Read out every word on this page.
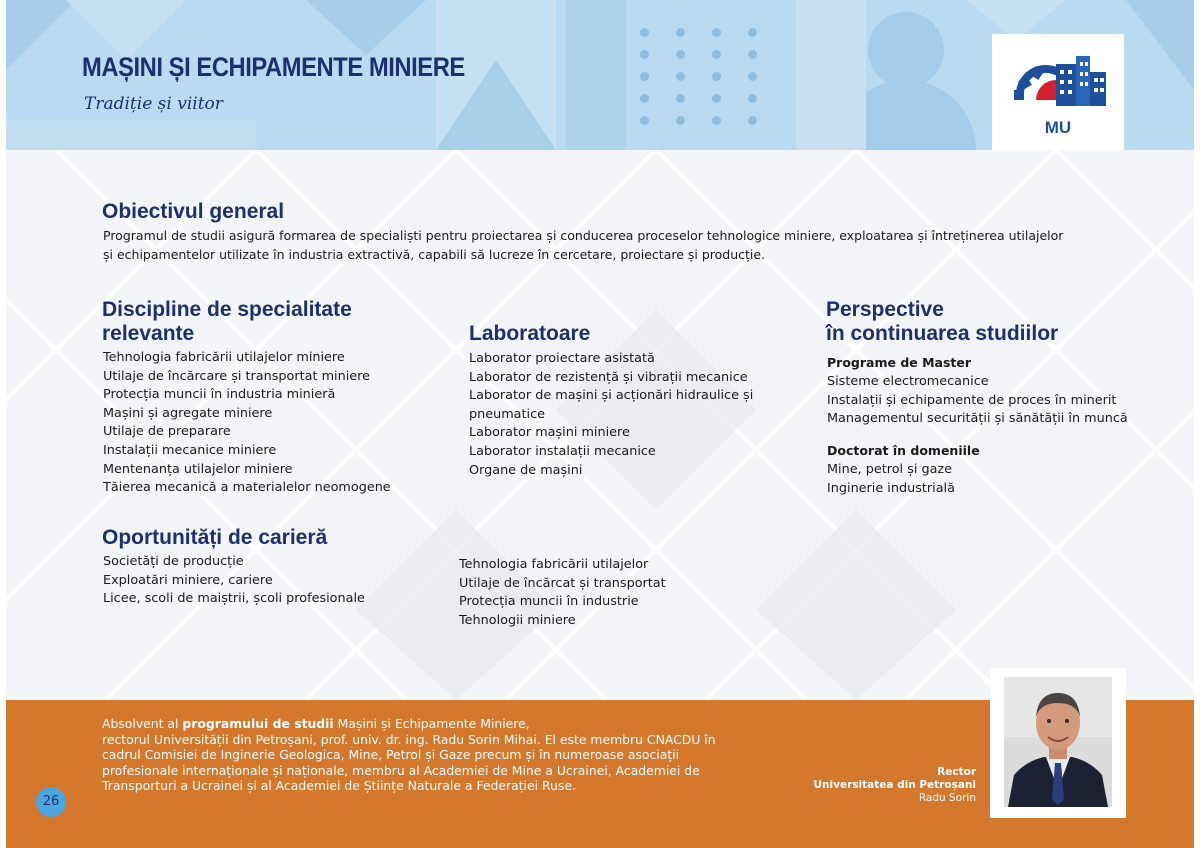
MAȘINI ȘI ECHIPAMENTE MINIERE
Tradiție și viitor
MU
Obiectivul general
Programul de studii asigură formarea de specialiști pentru proiectarea și conducerea proceselor tehnologice miniere, exploatarea și întreținerea utilajelor
și echipamentelor utilizate în industria extractivă, capabili să lucreze în cercetare, proiectare și producție.
Discipline de specialitate
relevante
Tehnologia fabricării utilajelor miniere
Utilaje de încărcare și transportat miniere
Protecția muncii în industria minieră
Mașini și agregate miniere
Utilaje de preparare
Instalații mecanice miniere
Mentenanța utilajelor miniere
Tăierea mecanică a materialelor neomogene
Laboratoare
Laborator proiectare asistată
Laborator de rezistență și vibrații mecanice
Laborator de mașini și acționări hidraulice și
pneumatice
Laborator mașini miniere
Laborator instalații mecanice
Organe de mașini
Perspective
în continuarea studiilor
Programe de Master
Sisteme electromecanice
Instalații și echipamente de proces în minerit
Managementul securității și sănătății în muncă
Doctorat în domeniile
Mine, petrol și gaze
Inginerie industrială
Oportunități de carieră
Societăți de producție
Exploatări miniere, cariere
Licee, scoli de maiștrii, școli profesionale
Tehnologia fabricării utilajelor
Utilaje de încărcat și transportat
Protecția muncii în industrie
Tehnologii miniere
Absolvent al programului de studii Mașini și Echipamente Miniere,
rectorul Universității din Petroșani, prof. univ. dr. ing. Radu Sorin Mihai. El este membru CNACDU în
cadrul Comisiei de Inginerie Geologica, Mine, Petrol și Gaze precum și în numeroase asociații
profesionale internaționale și naționale, membru al Academiei de Mine a Ucrainei, Academiei de
Transporturi a Ucrainei și al Academiei de Științe Naturale a Federației Ruse.
Rector
Universitatea din Petroșani
Radu Sorin
26
